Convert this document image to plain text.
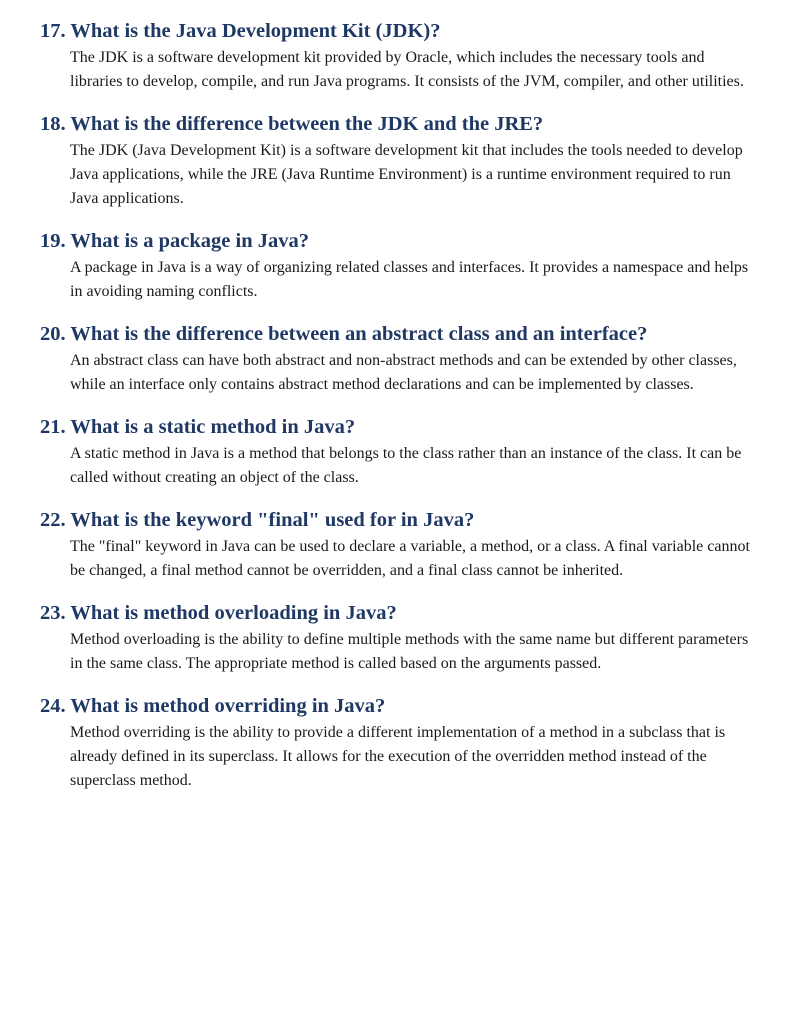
17. What is the Java Development Kit (JDK)?

The JDK is a software development kit provided by Oracle, which includes the necessary tools and libraries to develop, compile, and run Java programs. It consists of the JVM, compiler, and other utilities.

18. What is the difference between the JDK and the JRE?

The JDK (Java Development Kit) is a software development kit that includes the tools needed to develop Java applications, while the JRE (Java Runtime Environment) is a runtime environment required to run Java applications.

19. What is a package in Java?

A package in Java is a way of organizing related classes and interfaces. It provides a namespace and helps in avoiding naming conflicts.

20. What is the difference between an abstract class and an interface?

An abstract class can have both abstract and non-abstract methods and can be extended by other classes, while an interface only contains abstract method declarations and can be implemented by classes.

21. What is a static method in Java?

A static method in Java is a method that belongs to the class rather than an instance of the class. It can be called without creating an object of the class.

22. What is the keyword "final" used for in Java?

The "final" keyword in Java can be used to declare a variable, a method, or a class. A final variable cannot be changed, a final method cannot be overridden, and a final class cannot be inherited.

23. What is method overloading in Java?

Method overloading is the ability to define multiple methods with the same name but different parameters in the same class. The appropriate method is called based on the arguments passed.

24. What is method overriding in Java?

Method overriding is the ability to provide a different implementation of a method in a subclass that is already defined in its superclass. It allows for the execution of the overridden method instead of the superclass method.
